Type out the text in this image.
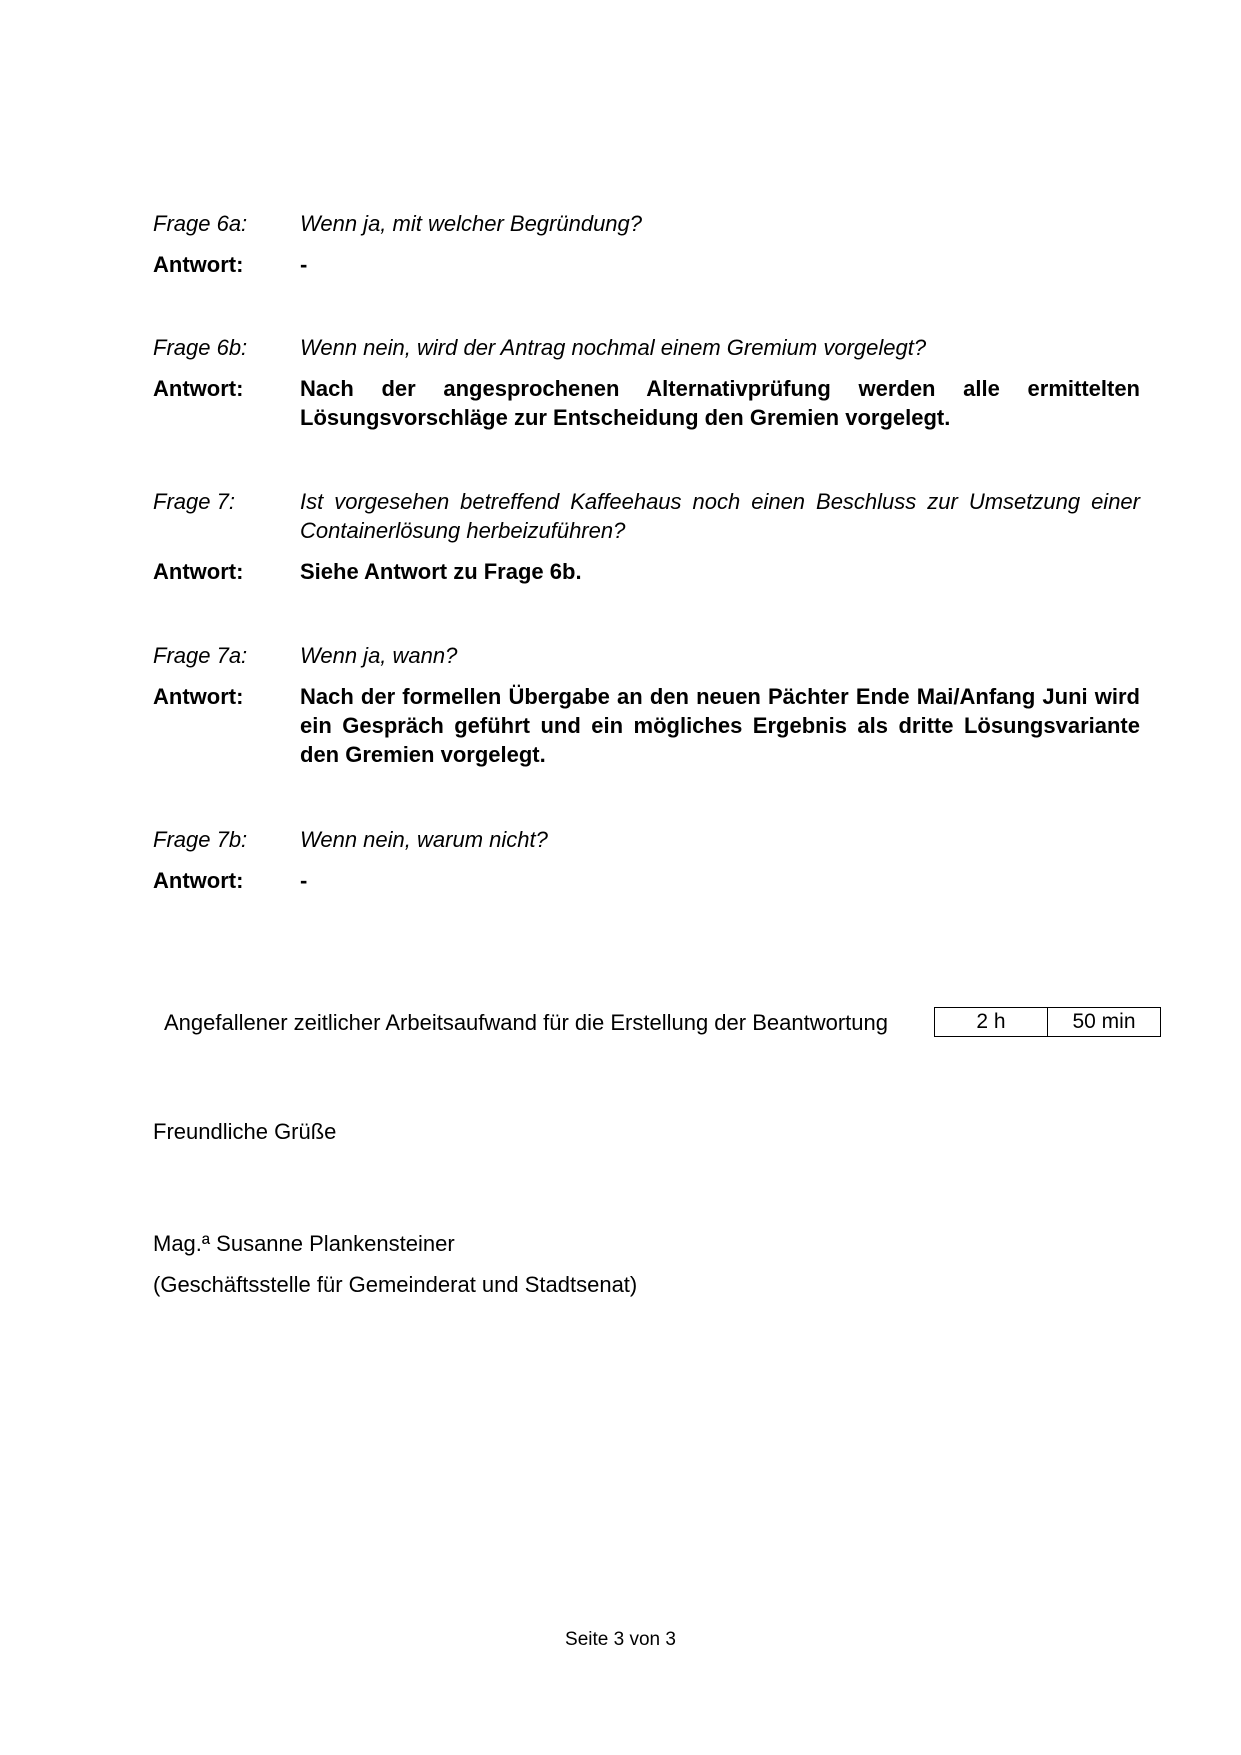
Frage 6a:	Wenn ja, mit welcher Begründung?
Antwort:	-
Frage 6b:	Wenn nein, wird der Antrag nochmal einem Gremium vorgelegt?
Antwort:	Nach der angesprochenen Alternativprüfung werden alle ermittelten Lösungsvorschläge zur Entscheidung den Gremien vorgelegt.
Frage 7:	Ist vorgesehen betreffend Kaffeehaus noch einen Beschluss zur Umsetzung einer Containerlösung herbeizuführen?
Antwort:	Siehe Antwort zu Frage 6b.
Frage 7a:	Wenn ja, wann?
Antwort:	Nach der formellen Übergabe an den neuen Pächter Ende Mai/Anfang Juni wird ein Gespräch geführt und ein mögliches Ergebnis als dritte Lösungsvariante den Gremien vorgelegt.
Frage 7b:	Wenn nein, warum nicht?
Antwort:	-
Angefallener zeitlicher Arbeitsaufwand für die Erstellung der Beantwortung	2 h	50 min
Freundliche Grüße
Mag.ª Susanne Plankensteiner
(Geschäftsstelle für Gemeinderat und Stadtsenat)
Seite 3 von 3
